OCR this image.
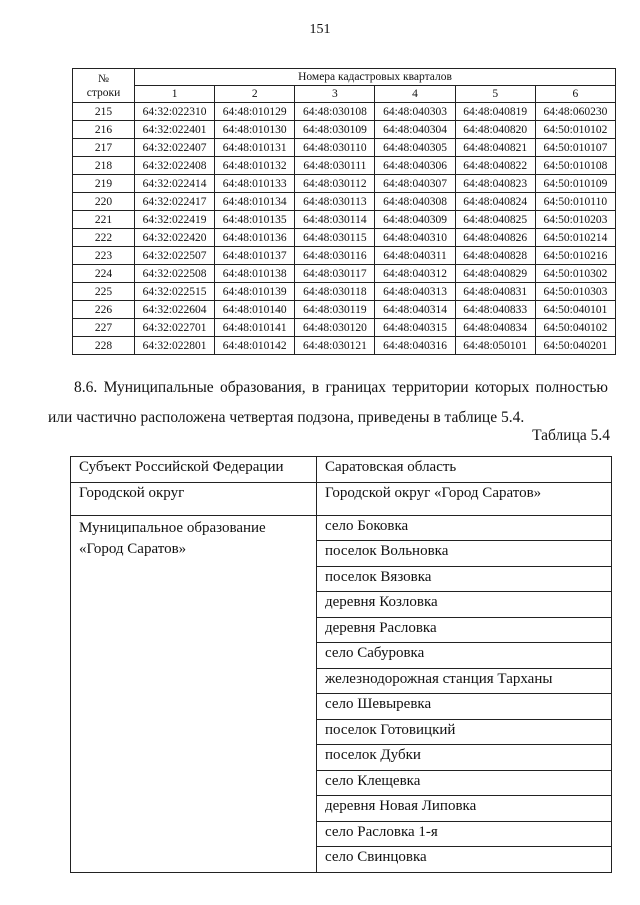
151
№
строки	Номера кадастровых кварталов					
	1	2	3	4	5	6
215	64:32:022310	64:48:010129	64:48:030108	64:48:040303	64:48:040819	64:48:060230
216	64:32:022401	64:48:010130	64:48:030109	64:48:040304	64:48:040820	64:50:010102
217	64:32:022407	64:48:010131	64:48:030110	64:48:040305	64:48:040821	64:50:010107
218	64:32:022408	64:48:010132	64:48:030111	64:48:040306	64:48:040822	64:50:010108
219	64:32:022414	64:48:010133	64:48:030112	64:48:040307	64:48:040823	64:50:010109
220	64:32:022417	64:48:010134	64:48:030113	64:48:040308	64:48:040824	64:50:010110
221	64:32:022419	64:48:010135	64:48:030114	64:48:040309	64:48:040825	64:50:010203
222	64:32:022420	64:48:010136	64:48:030115	64:48:040310	64:48:040826	64:50:010214
223	64:32:022507	64:48:010137	64:48:030116	64:48:040311	64:48:040828	64:50:010216
224	64:32:022508	64:48:010138	64:48:030117	64:48:040312	64:48:040829	64:50:010302
225	64:32:022515	64:48:010139	64:48:030118	64:48:040313	64:48:040831	64:50:010303
226	64:32:022604	64:48:010140	64:48:030119	64:48:040314	64:48:040833	64:50:040101
227	64:32:022701	64:48:010141	64:48:030120	64:48:040315	64:48:040834	64:50:040102
228	64:32:022801	64:48:010142	64:48:030121	64:48:040316	64:48:050101	64:50:040201
8.6. Муниципальные образования, в границах территории которых полностью или частично расположена четвертая подзона, приведены в таблице 5.4.
Таблица 5.4
Субъект Российской Федерации	Саратовская область
Городской округ	Городской округ «Город Саратов»
Муниципальное образование «Город Саратов»	село Боковка
	поселок Вольновка
	поселок Вязовка
	деревня Козловка
	деревня Расловка
	село Сабуровка
	железнодорожная станция Тарханы
	село Шевыревка
	поселок Готовицкий
	поселок Дубки
	село Клещевка
	деревня Новая Липовка
	село Расловка 1-я
	село Свинцовка
